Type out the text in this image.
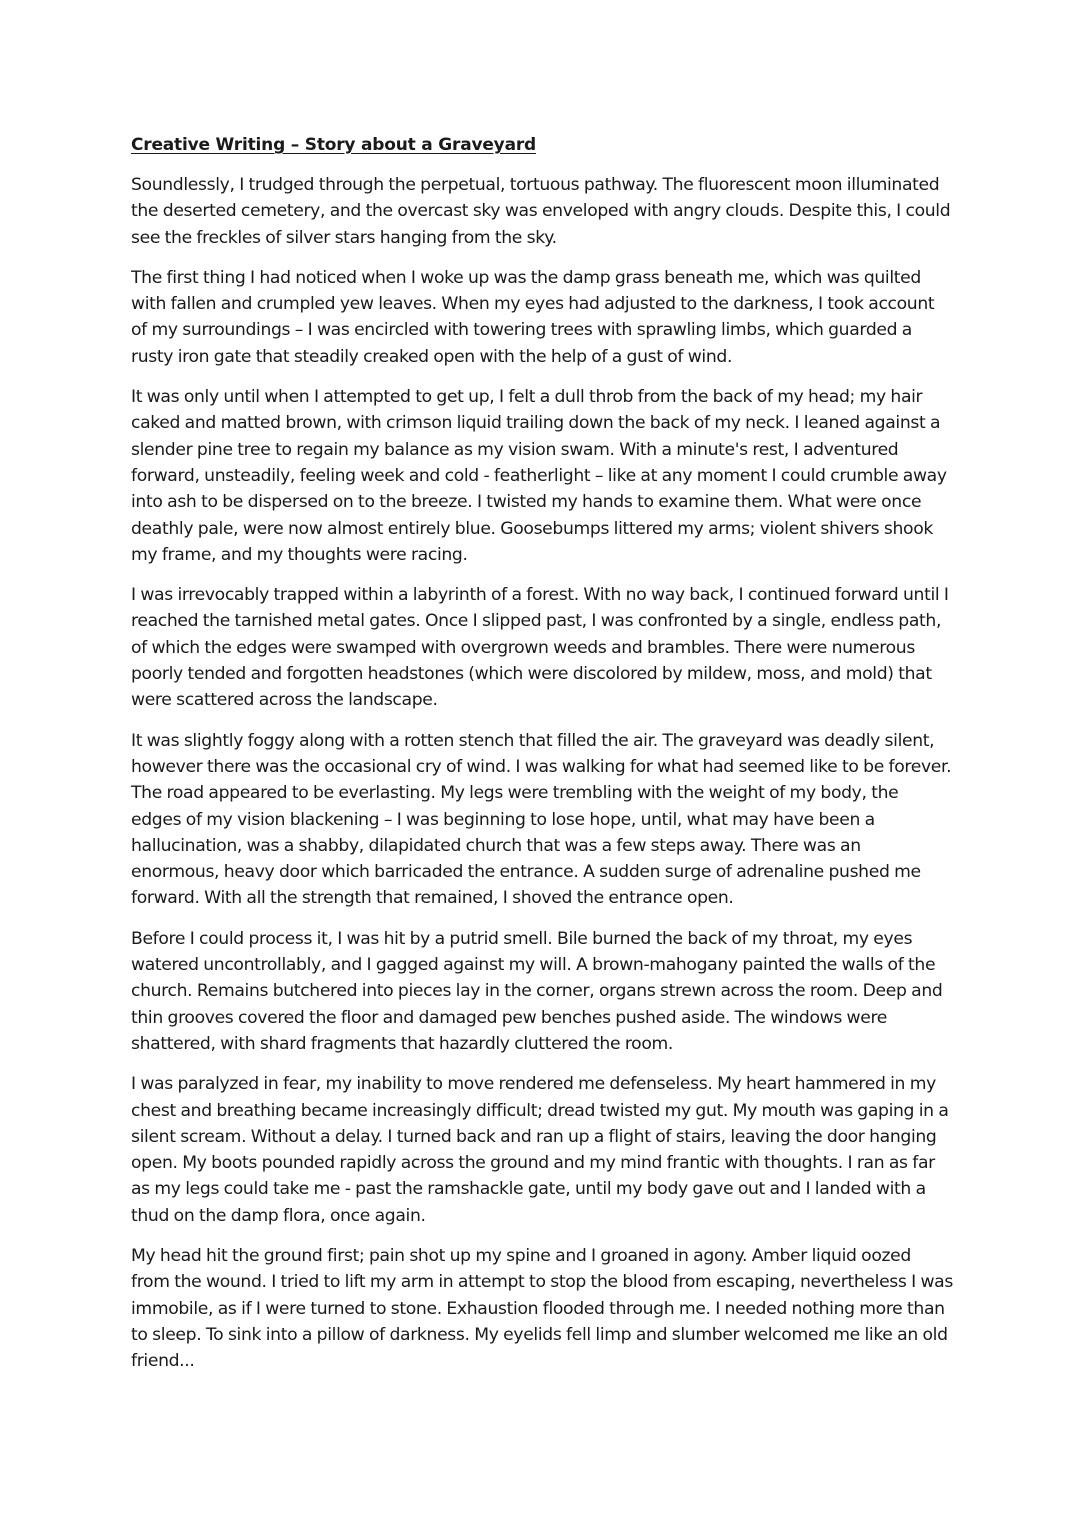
Creative Writing – Story about a Graveyard

Soundlessly, I trudged through the perpetual, tortuous pathway. The fluorescent moon illuminated the deserted cemetery, and the overcast sky was enveloped with angry clouds. Despite this, I could see the freckles of silver stars hanging from the sky.

The first thing I had noticed when I woke up was the damp grass beneath me, which was quilted with fallen and crumpled yew leaves. When my eyes had adjusted to the darkness, I took account of my surroundings – I was encircled with towering trees with sprawling limbs, which guarded a rusty iron gate that steadily creaked open with the help of a gust of wind.

It was only until when I attempted to get up, I felt a dull throb from the back of my head; my hair caked and matted brown, with crimson liquid trailing down the back of my neck. I leaned against a slender pine tree to regain my balance as my vision swam. With a minute's rest, I adventured forward, unsteadily, feeling week and cold - featherlight – like at any moment I could crumble away into ash to be dispersed on to the breeze. I twisted my hands to examine them. What were once deathly pale, were now almost entirely blue. Goosebumps littered my arms; violent shivers shook my frame, and my thoughts were racing.

I was irrevocably trapped within a labyrinth of a forest. With no way back, I continued forward until I reached the tarnished metal gates. Once I slipped past, I was confronted by a single, endless path, of which the edges were swamped with overgrown weeds and brambles. There were numerous poorly tended and forgotten headstones (which were discolored by mildew, moss, and mold) that were scattered across the landscape.

It was slightly foggy along with a rotten stench that filled the air. The graveyard was deadly silent, however there was the occasional cry of wind. I was walking for what had seemed like to be forever. The road appeared to be everlasting. My legs were trembling with the weight of my body, the edges of my vision blackening – I was beginning to lose hope, until, what may have been a hallucination, was a shabby, dilapidated church that was a few steps away. There was an enormous, heavy door which barricaded the entrance. A sudden surge of adrenaline pushed me forward. With all the strength that remained, I shoved the entrance open.

Before I could process it, I was hit by a putrid smell. Bile burned the back of my throat, my eyes watered uncontrollably, and I gagged against my will. A brown-mahogany painted the walls of the church. Remains butchered into pieces lay in the corner, organs strewn across the room. Deep and thin grooves covered the floor and damaged pew benches pushed aside. The windows were shattered, with shard fragments that hazardly cluttered the room.

I was paralyzed in fear, my inability to move rendered me defenseless. My heart hammered in my chest and breathing became increasingly difficult; dread twisted my gut. My mouth was gaping in a silent scream. Without a delay. I turned back and ran up a flight of stairs, leaving the door hanging open. My boots pounded rapidly across the ground and my mind frantic with thoughts. I ran as far as my legs could take me - past the ramshackle gate, until my body gave out and I landed with a thud on the damp flora, once again.

My head hit the ground first; pain shot up my spine and I groaned in agony. Amber liquid oozed from the wound. I tried to lift my arm in attempt to stop the blood from escaping, nevertheless I was immobile, as if I were turned to stone. Exhaustion flooded through me. I needed nothing more than to sleep. To sink into a pillow of darkness. My eyelids fell limp and slumber welcomed me like an old friend...
